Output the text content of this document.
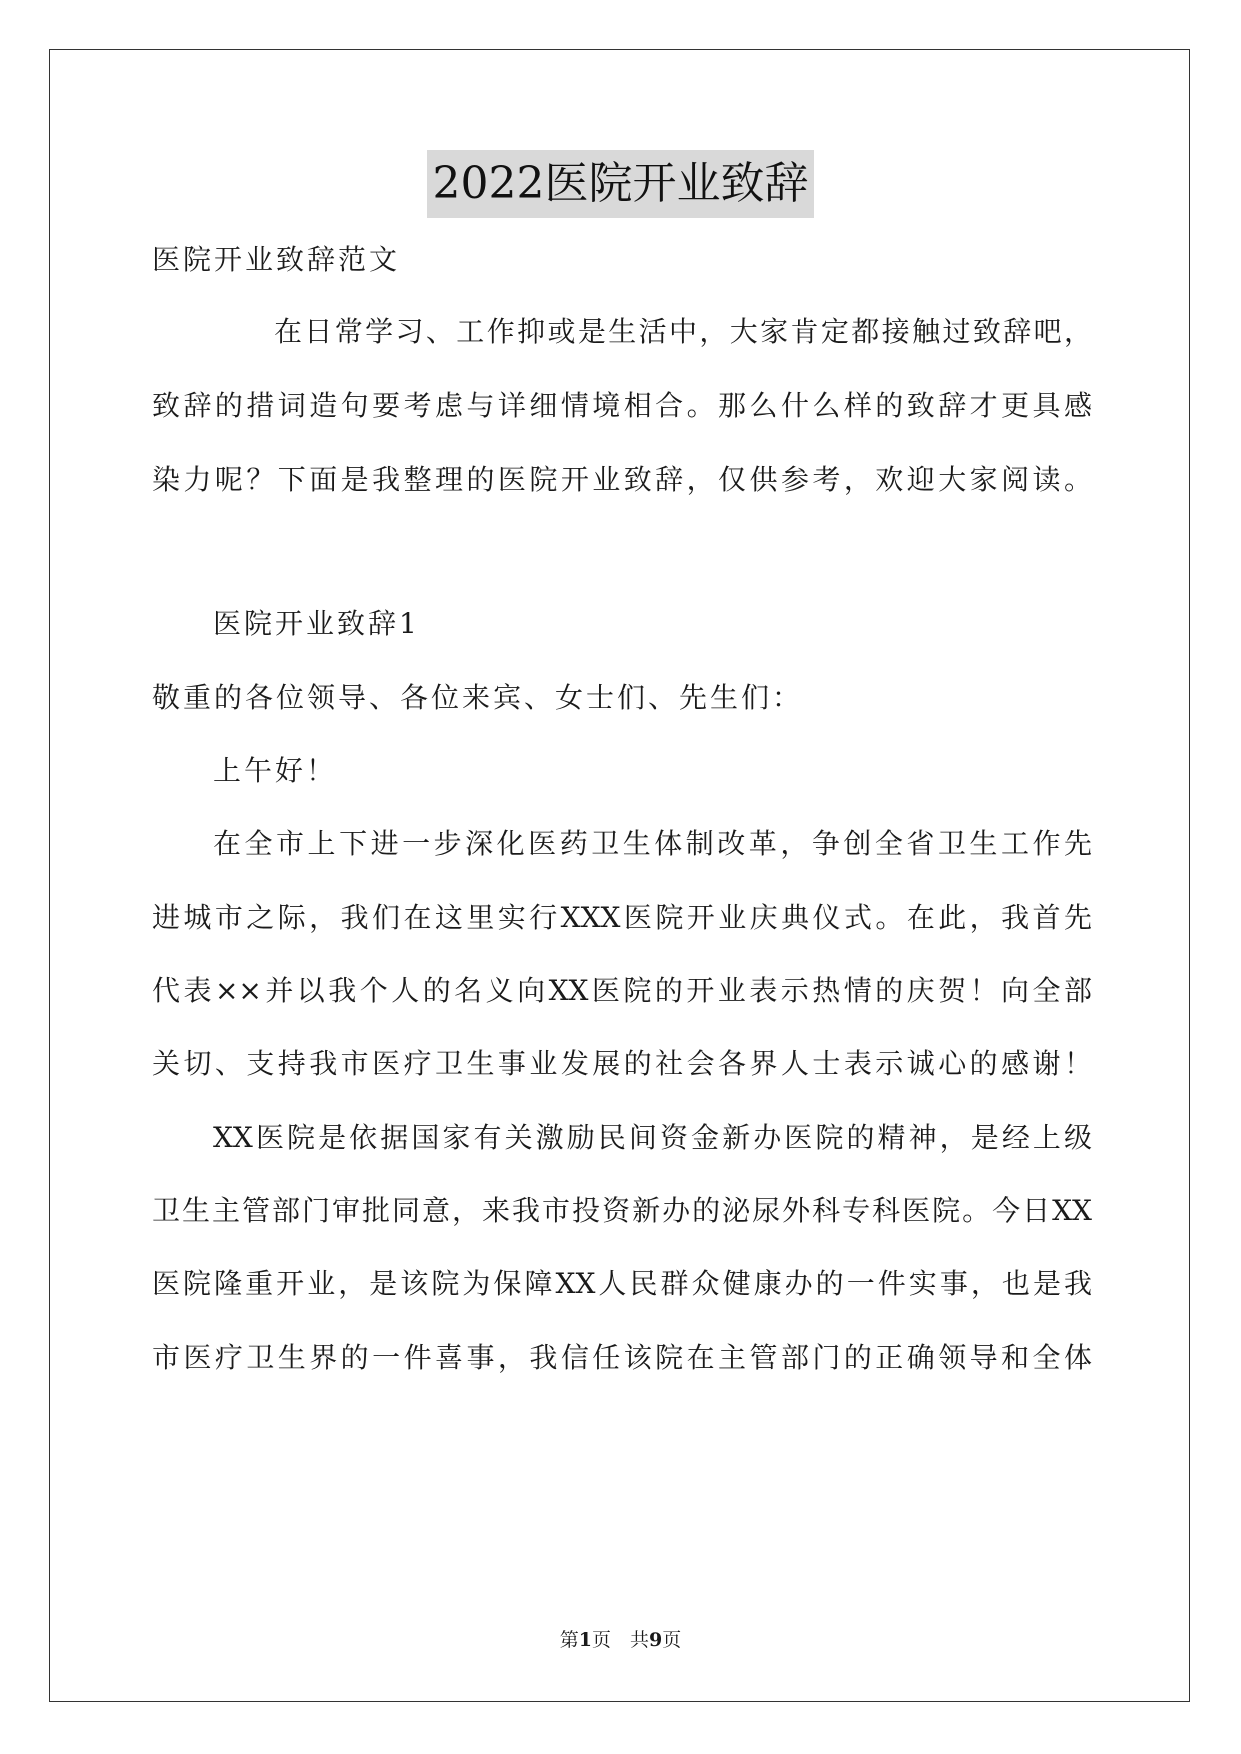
2022医院开业致辞
医院开业致辞范文
在日常学习、工作抑或是生活中，大家肯定都接触过致辞吧，
致辞的措词造句要考虑与详细情境相合。那么什么样的致辞才更具感
染力呢？下面是我整理的医院开业致辞，仅供参考，欢迎大家阅读。
医院开业致辞1
敬重的各位领导、各位来宾、女士们、先生们：
上午好！
在全市上下进一步深化医药卫生体制改革，争创全省卫生工作先
进城市之际，我们在这里实行XXX医院开业庆典仪式。在此，我首先
代表××并以我个人的名义向XX医院的开业表示热情的庆贺！向全部
关切、支持我市医疗卫生事业发展的社会各界人士表示诚心的感谢！
XX医院是依据国家有关激励民间资金新办医院的精神，是经上级
卫生主管部门审批同意，来我市投资新办的泌尿外科专科医院。今日XX
医院隆重开业，是该院为保障XX人民群众健康办的一件实事，也是我
市医疗卫生界的一件喜事，我信任该院在主管部门的正确领导和全体
第1页　共9页
